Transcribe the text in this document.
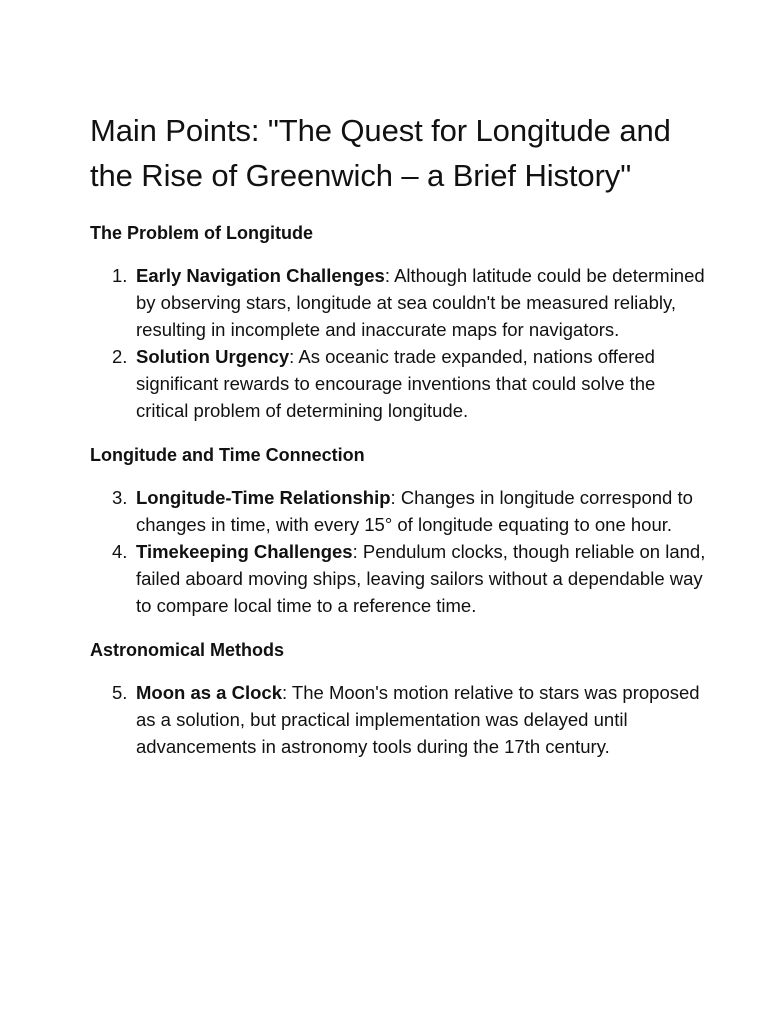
Main Points: "The Quest for Longitude and the Rise of Greenwich – a Brief History"
The Problem of Longitude
1. Early Navigation Challenges: Although latitude could be determined by observing stars, longitude at sea couldn't be measured reliably, resulting in incomplete and inaccurate maps for navigators.
2. Solution Urgency: As oceanic trade expanded, nations offered significant rewards to encourage inventions that could solve the critical problem of determining longitude.
Longitude and Time Connection
3. Longitude-Time Relationship: Changes in longitude correspond to changes in time, with every 15° of longitude equating to one hour.
4. Timekeeping Challenges: Pendulum clocks, though reliable on land, failed aboard moving ships, leaving sailors without a dependable way to compare local time to a reference time.
Astronomical Methods
5. Moon as a Clock: The Moon's motion relative to stars was proposed as a solution, but practical implementation was delayed until advancements in astronomy tools during the 17th century.
